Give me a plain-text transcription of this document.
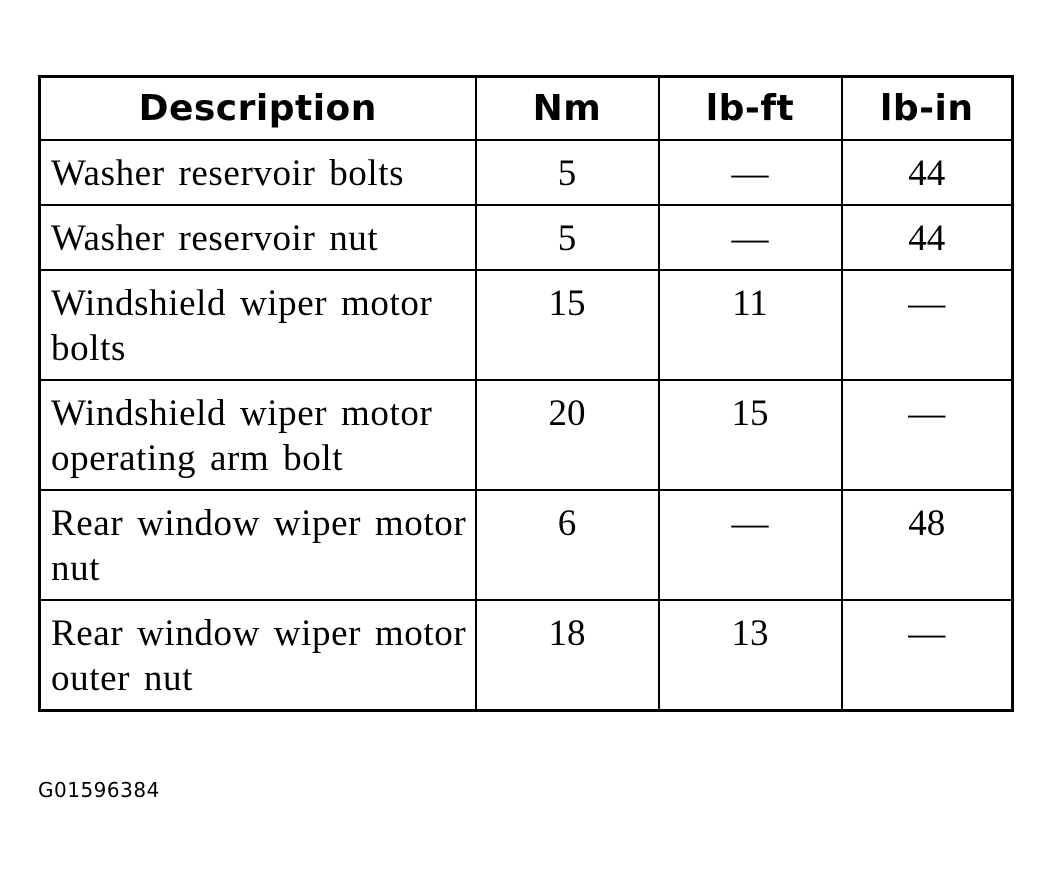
Description	Nm	lb-ft	lb-in
Washer reservoir bolts	5	—	44
Washer reservoir nut	5	—	44
Windshield wiper motor bolts	15	11	—
Windshield wiper motor operating arm bolt	20	15	—
Rear window wiper motor nut	6	—	48
Rear window wiper motor outer nut	18	13	—
G01596384
